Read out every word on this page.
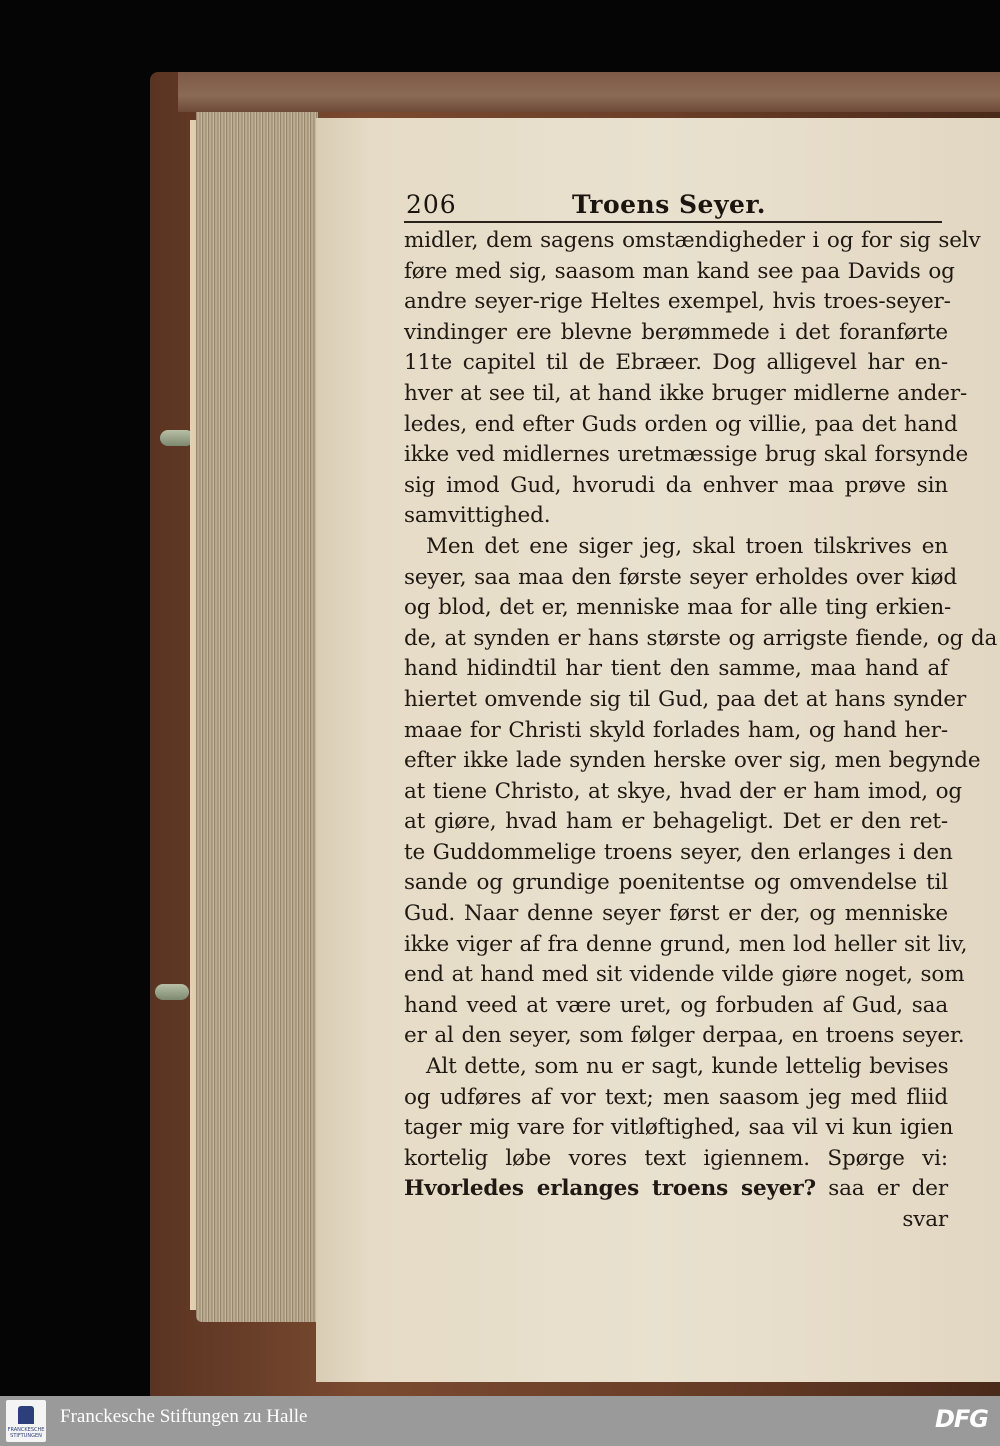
206	Troens Seyer.
midler, dem sagens omstændigheder i og for sig selv
føre med sig, saasom man kand see paa Davids og
andre seyer-rige Heltes exempel, hvis troes-seyer-
vindinger ere blevne berømmede i det foranførte
11te capitel til de Ebræer. Dog alligevel har en-
hver at see til, at hand ikke bruger midlerne ander-
ledes, end efter Guds orden og villie, paa det hand
ikke ved midlernes uretmæssige brug skal forsynde
sig imod Gud, hvorudi da enhver maa prøve sin
samvittighed.
Men det ene siger jeg, skal troen tilskrives en
seyer, saa maa den første seyer erholdes over kiød
og blod, det er, menniske maa for alle ting erkien-
de, at synden er hans største og arrigste fiende, og da
hand hidindtil har tient den samme, maa hand af
hiertet omvende sig til Gud, paa det at hans synder
maae for Christi skyld forlades ham, og hand her-
efter ikke lade synden herske over sig, men begynde
at tiene Christo, at skye, hvad der er ham imod, og
at giøre, hvad ham er behageligt. Det er den ret-
te Guddommelige troens seyer, den erlanges i den
sande og grundige poenitentse og omvendelse til
Gud. Naar denne seyer først er der, og menniske
ikke viger af fra denne grund, men lod heller sit liv,
end at hand med sit vidende vilde giøre noget, som
hand veed at være uret, og forbuden af Gud, saa
er al den seyer, som følger derpaa, en troens seyer.
Alt dette, som nu er sagt, kunde lettelig bevises
og udføres af vor text; men saasom jeg med fliid
tager mig vare for vitløftighed, saa vil vi kun igien
kortelig løbe vores text igiennem. Spørge vi:
Hvorledes erlanges troens seyer? saa er der
svar
FRANCKESCHE STIFTUNGEN
Franckesche Stiftungen zu Halle	DFG
